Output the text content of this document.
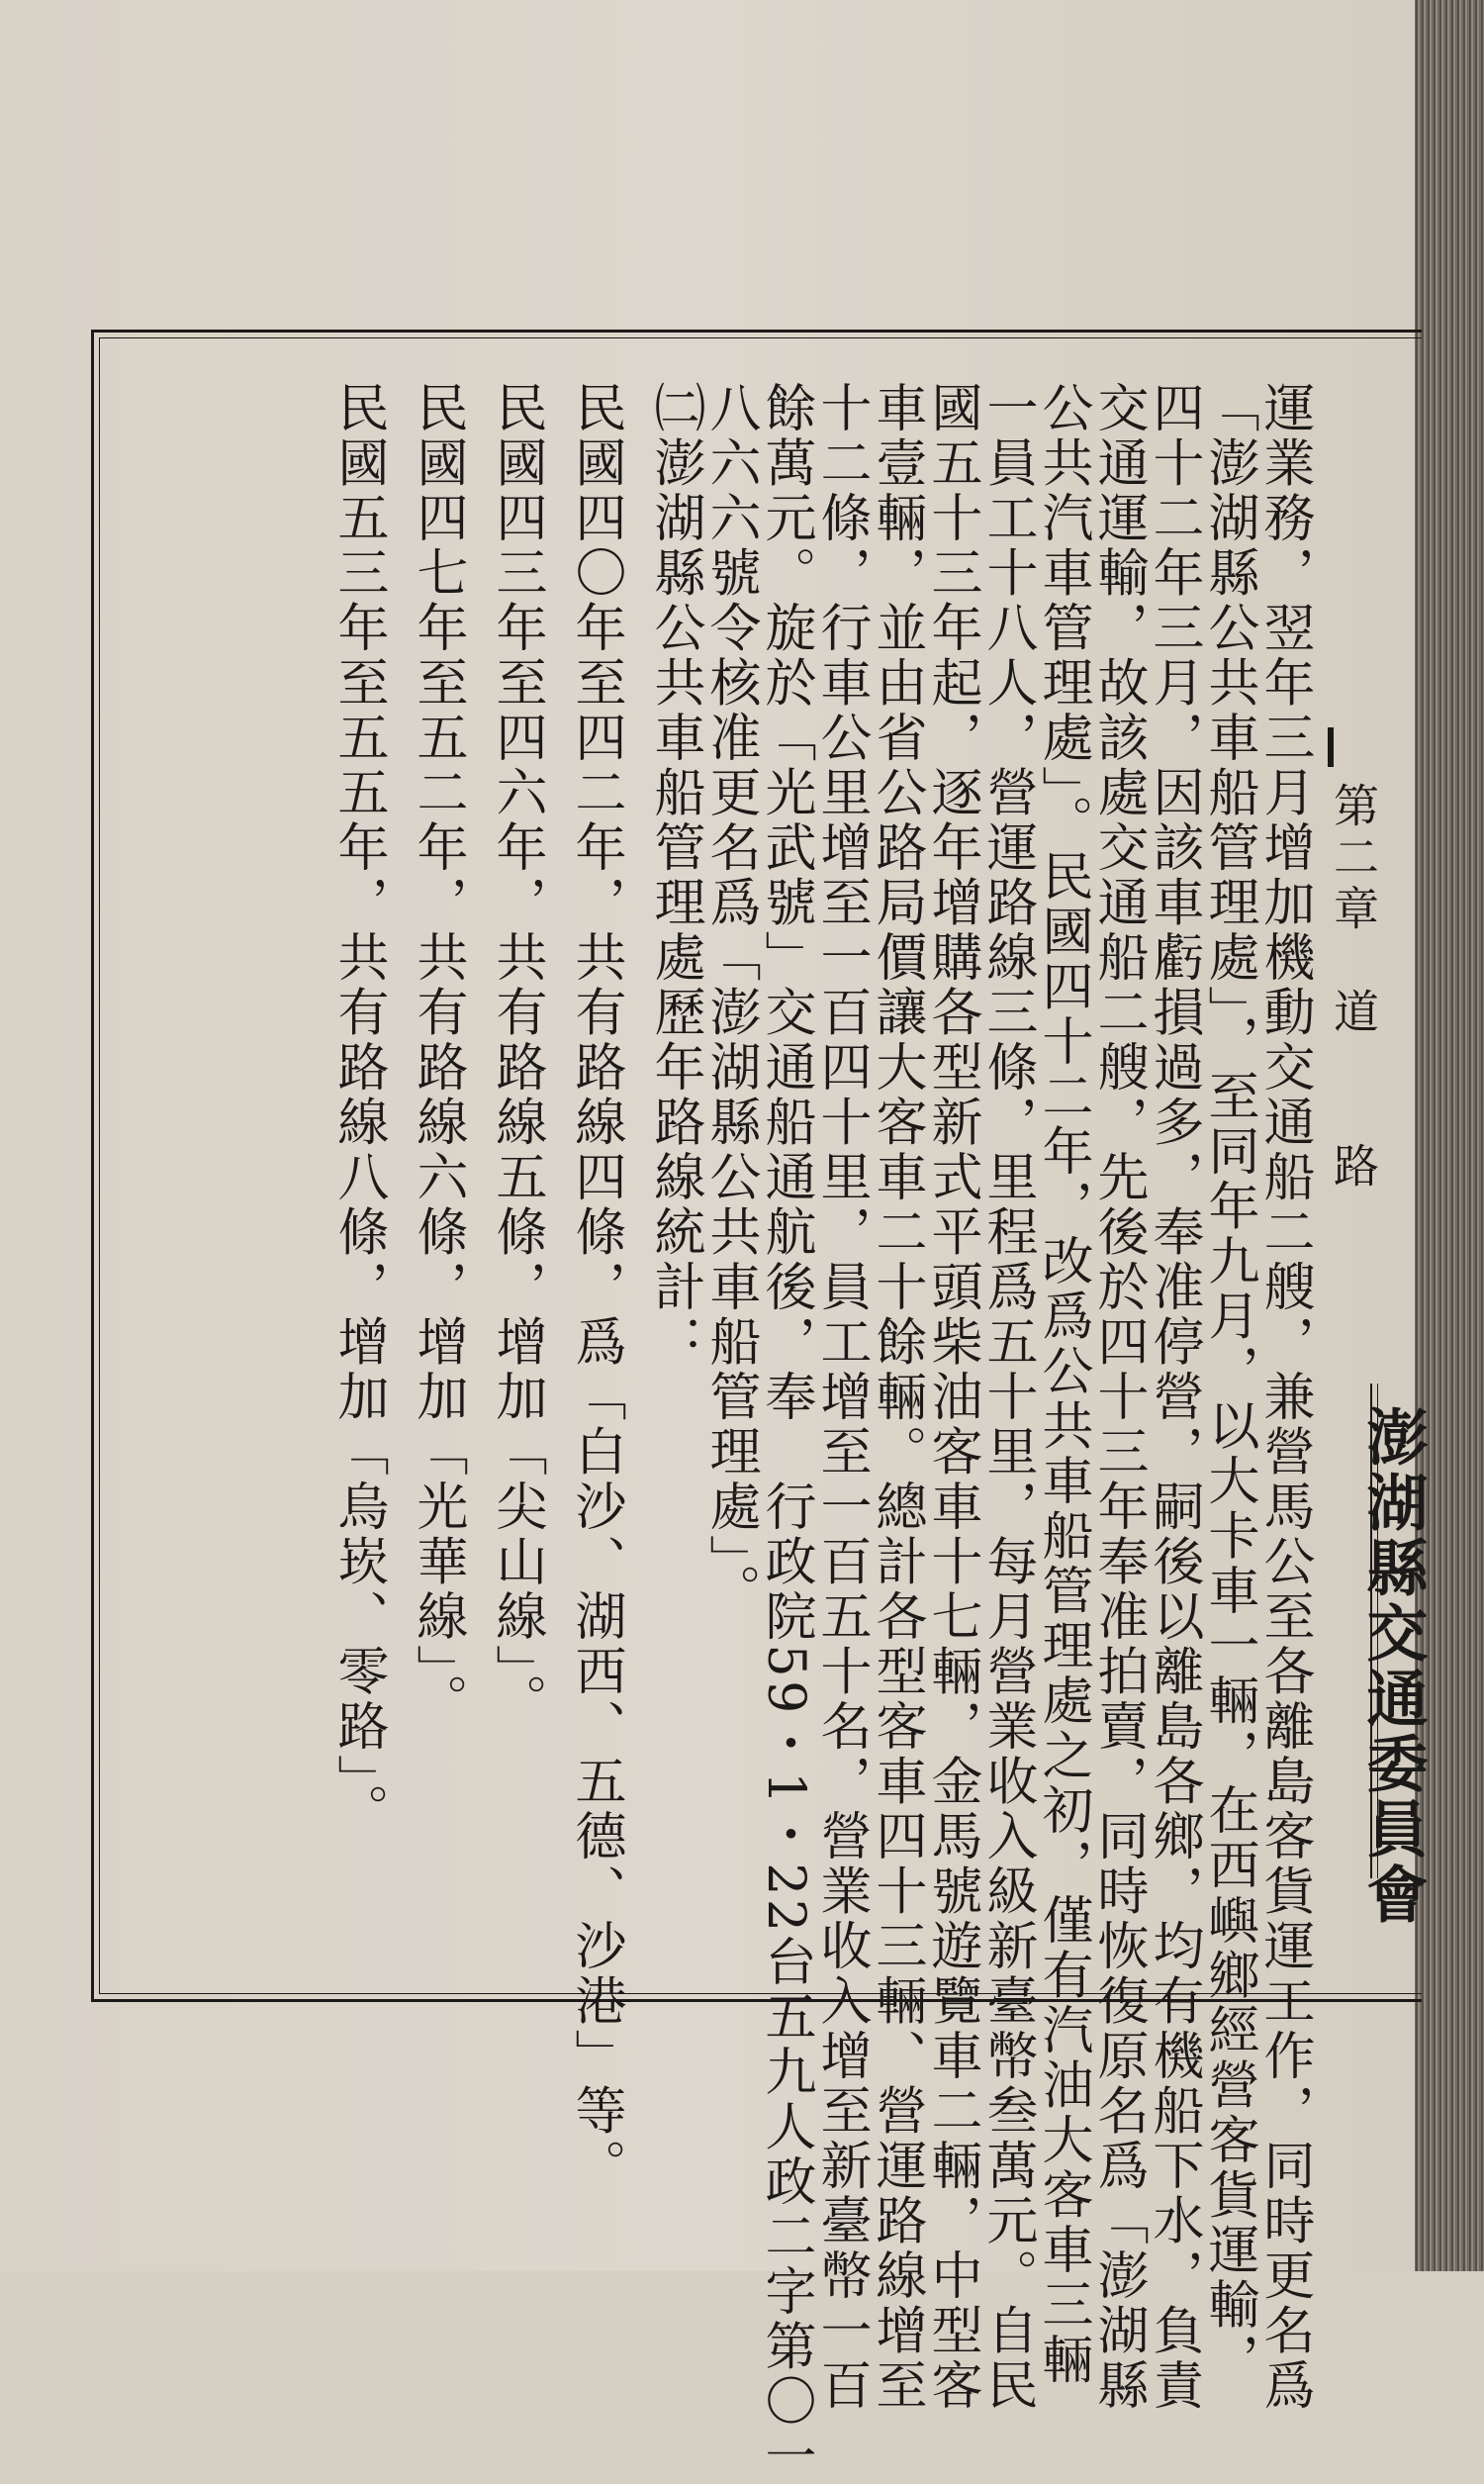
第二章　道　　路
澎湖縣交通委員會
運業務，翌年三月增加機動交通船二艘，兼營馬公至各離島客貨運工作，同時更名爲
「澎湖縣公共車船管理處」，至同年九月，以大卡車一輛，在西嶼鄉經營客貨運輸，
四十二年三月，因該車虧損過多，奉准停營，嗣後以離島各鄉，均有機船下水，負責
交通運輸，故該處交通船二艘，先後於四十三年奉准拍賣，同時恢復原名爲「澎湖縣
公共汽車管理處」。民國四十二年，改爲公共車船管理處之初，僅有汽油大客車三輛
一員工十八人，營運路線三條，里程爲五十里，每月營業收入級新臺幣叁萬元。自民
國五十三年起，逐年增購各型新式平頭柴油客車十七輛，金馬號遊覽車二輛，中型客
車壹輛，並由省公路局價讓大客車二十餘輛。總計各型客車四十三輛、營運路線增至
十二條，行車公里增至一百四十里，員工增至一百五十名，營業收入增至新臺幣一百
餘萬元。旋於「光武號」交通船通航後，奉　行政院59・1・22台五九人政二字第〇一
八六六號令核准更名爲「澎湖縣公共車船管理處」。
㈡澎湖縣公共車船管理處歷年路線統計：
民國四〇年至四二年，共有路線四條，爲「白沙、湖西、五德、沙港」等。
民國四三年至四六年，共有路線五條，增加「尖山線」。
民國四七年至五二年，共有路線六條，增加「光華線」。
民國五三年至五五年，共有路線八條，增加「烏崁、零路」。
